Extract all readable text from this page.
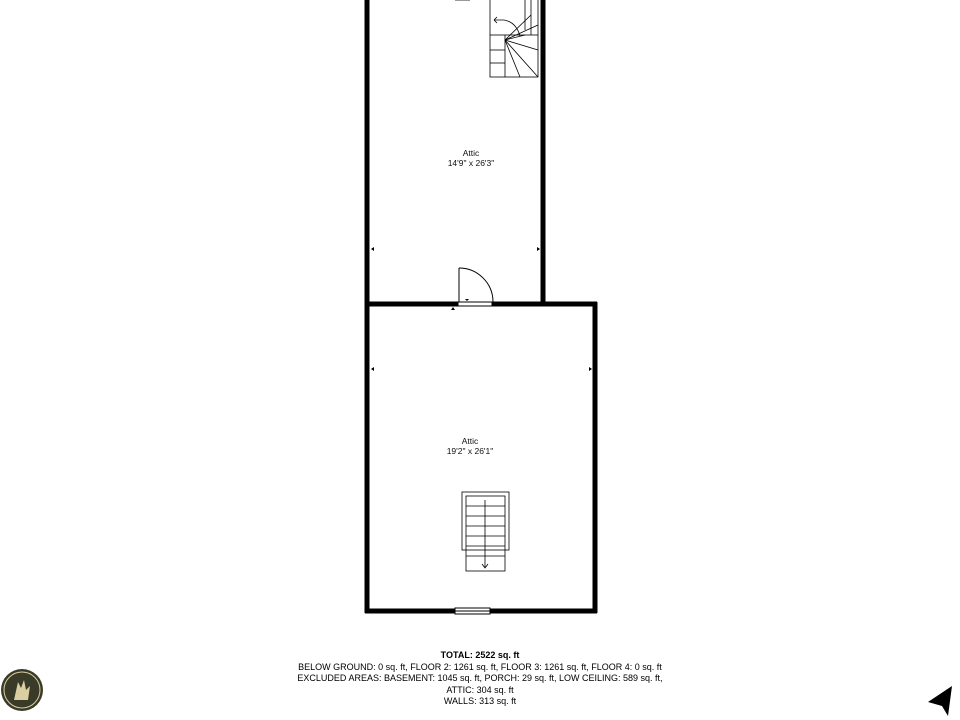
Attic
14'9" x 26'3"
Attic
19'2" x 26'1"
TOTAL: 2522 sq. ft
BELOW GROUND: 0 sq. ft, FLOOR 2: 1261 sq. ft, FLOOR 3: 1261 sq. ft, FLOOR 4: 0 sq. ft
EXCLUDED AREAS: BASEMENT: 1045 sq. ft, PORCH: 29 sq. ft, LOW CEILING: 589 sq. ft,
ATTIC: 304 sq. ft
WALLS: 313 sq. ft
